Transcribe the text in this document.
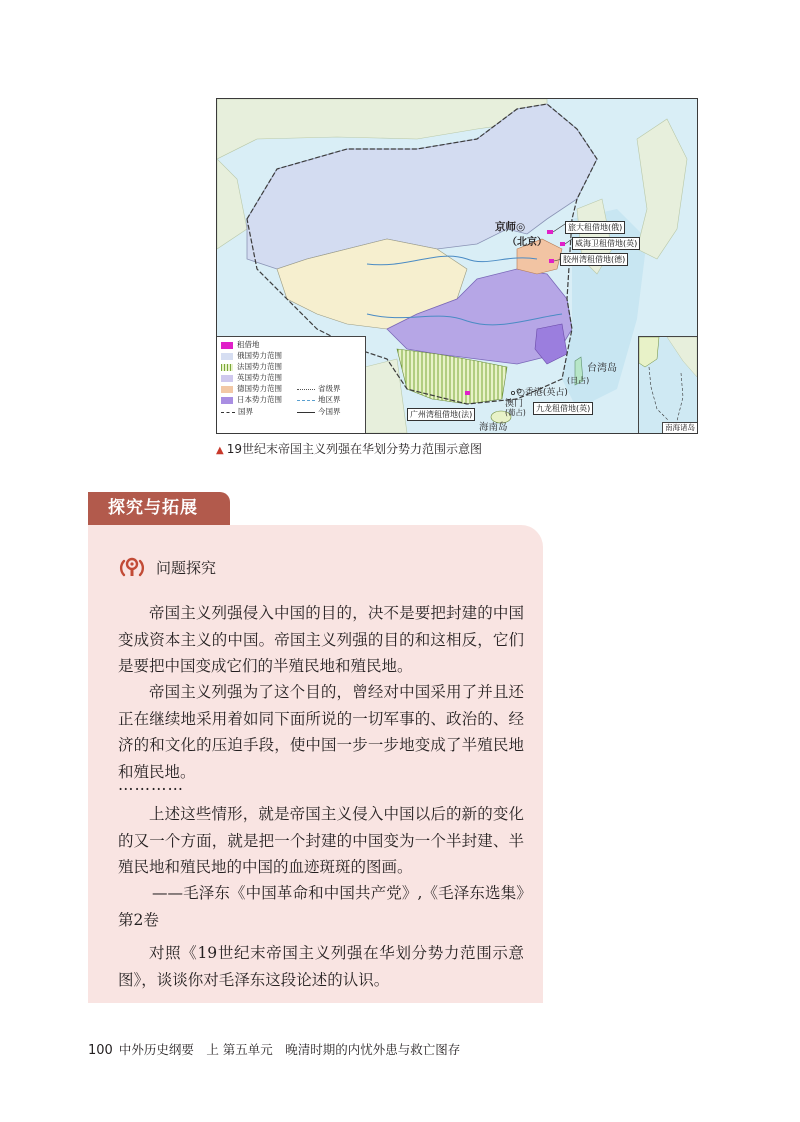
京师◎
（北京）
旅大租借地(俄)
威海卫租借地(英)
胶州湾租借地(德)
台湾岛
(日占)
○香港(英占)
澳门
(葡占)	九龙租借地(英)
广州湾租借地(法)
海南岛
租借地
俄国势力范围
法国势力范围
英国势力范围
德国势力范围
日本势力范围
国界
省级界
地区界
今国界
南海诸岛
▲ 19世纪末帝国主义列强在华划分势力范围示意图
探究与拓展
问题探究

帝国主义列强侵入中国的目的，决不是要把封建的中国变成资本主义的中国。帝国主义列强的目的和这相反，它们是要把中国变成它们的半殖民地和殖民地。

帝国主义列强为了这个目的，曾经对中国采用了并且还正在继续地采用着如同下面所说的一切军事的、政治的、经济的和文化的压迫手段，使中国一步一步地变成了半殖民地和殖民地。

…………

上述这些情形，就是帝国主义侵入中国以后的新的变化的又一个方面，就是把一个封建的中国变为一个半封建、半殖民地和殖民地的中国的血迹斑斑的图画。

——毛泽东《中国革命和中国共产党》,《毛泽东选集》第2卷

对照《19世纪末帝国主义列强在华划分势力范围示意图》，谈谈你对毛泽东这段论述的认识。

100 中外历史纲要　上 第五单元　晚清时期的内忧外患与救亡图存
